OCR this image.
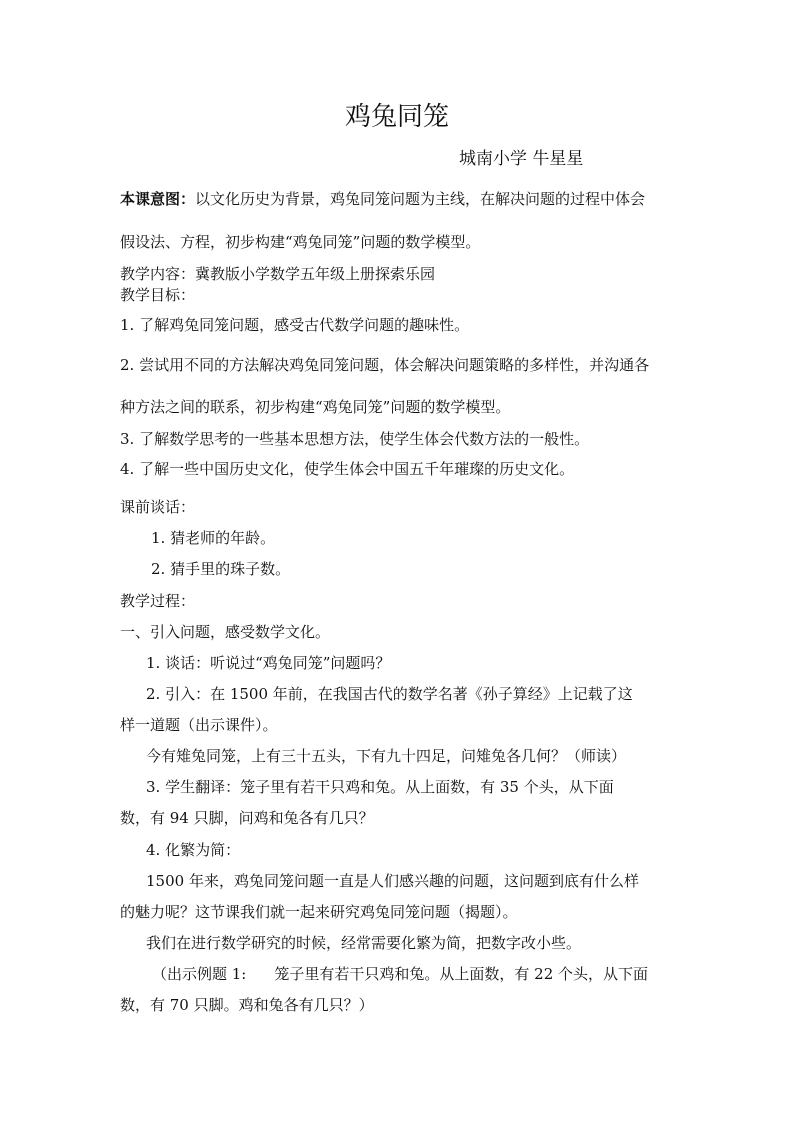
鸡兔同笼
城南小学 牛星星

本课意图：以文化历史为背景，鸡兔同笼问题为主线，在解决问题的过程中体会

假设法、方程，初步构建“鸡兔同笼”问题的数学模型。

教学内容：冀教版小学数学五年级上册探索乐园

教学目标：

1. 了解鸡兔同笼问题，感受古代数学问题的趣味性。

2. 尝试用不同的方法解决鸡兔同笼问题，体会解决问题策略的多样性，并沟通各

种方法之间的联系，初步构建“鸡兔同笼”问题的数学模型。

3. 了解数学思考的一些基本思想方法，使学生体会代数方法的一般性。

4. 了解一些中国历史文化，使学生体会中国五千年璀璨的历史文化。

课前谈话：

1. 猜老师的年龄。

2. 猜手里的珠子数。

教学过程：

一、引入问题，感受数学文化。

1. 谈话：听说过“鸡兔同笼”问题吗？

2. 引入：在 1500 年前，在我国古代的数学名著《孙子算经》上记载了这

样一道题（出示课件）。

今有雉兔同笼，上有三十五头，下有九十四足，问雉兔各几何？（师读）

3. 学生翻译：笼子里有若干只鸡和兔。从上面数，有 35 个头，从下面

数，有 94 只脚，问鸡和兔各有几只？

4. 化繁为简：

1500 年来，鸡兔同笼问题一直是人们感兴趣的问题，这问题到底有什么样

的魅力呢？这节课我们就一起来研究鸡兔同笼问题（揭题）。

我们在进行数学研究的时候，经常需要化繁为简，把数字改小些。

（出示例题 1: 笼子里有若干只鸡和兔。从上面数，有 22 个头，从下面

数，有 70 只脚。鸡和兔各有几只？）
